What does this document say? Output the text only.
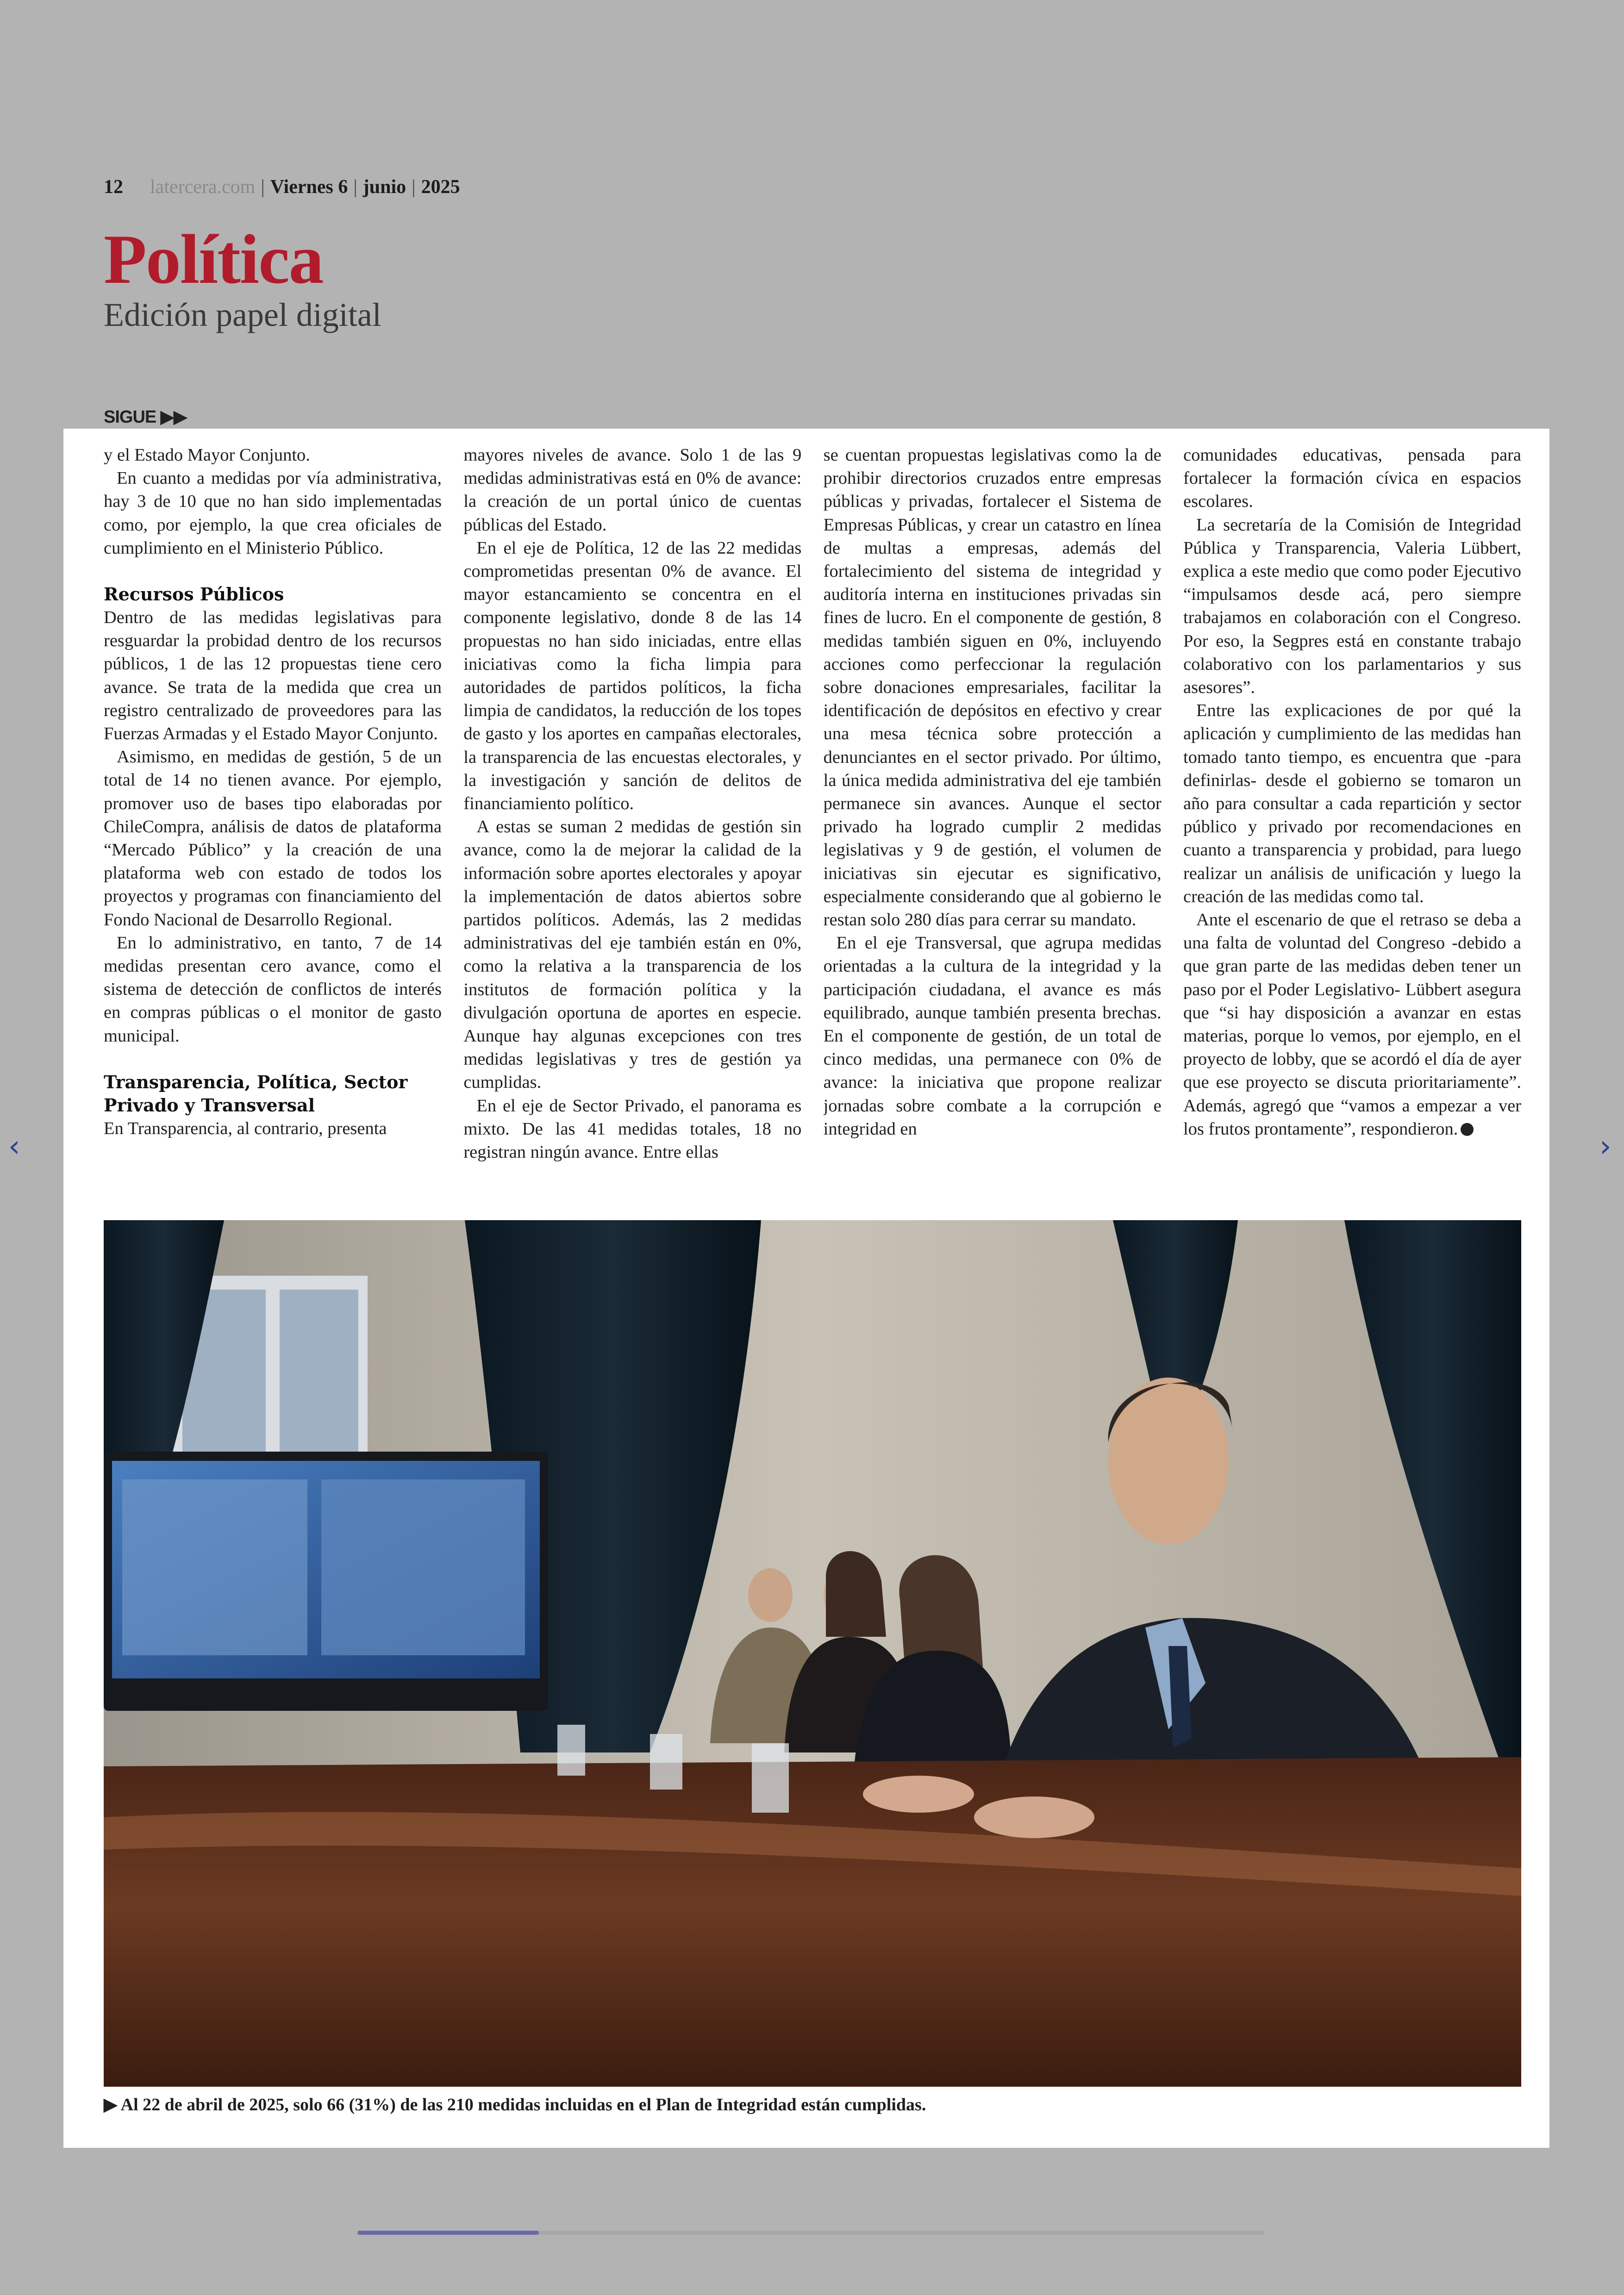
12 latercera.com | Viernes 6 | junio | 2025
Política
Edición papel digital
SIGUE ▶▶

y el Estado Mayor Conjunto.

En cuanto a medidas por vía administrativa, hay 3 de 10 que no han sido implementadas como, por ejemplo, la que crea oficiales de cumplimiento en el Ministerio Público.

Recursos Públicos

Dentro de las medidas legislativas para resguardar la probidad dentro de los recursos públicos, 1 de las 12 propuestas tiene cero avance. Se trata de la medida que crea un registro centralizado de proveedores para las Fuerzas Armadas y el Estado Mayor Conjunto.

Asimismo, en medidas de gestión, 5 de un total de 14 no tienen avance. Por ejemplo, promover uso de bases tipo elaboradas por ChileCompra, análisis de datos de plataforma “Mercado Público” y la creación de una plataforma web con estado de todos los proyectos y programas con financiamiento del Fondo Nacional de Desarrollo Regional.

En lo administrativo, en tanto, 7 de 14 medidas presentan cero avance, como el sistema de detección de conflictos de interés en compras públicas o el monitor de gasto municipal.

Transparencia, Política, Sector Privado y Transversal

En Transparencia, al contrario, presenta

mayores niveles de avance. Solo 1 de las 9 medidas administrativas está en 0% de avance: la creación de un portal único de cuentas públicas del Estado.

En el eje de Política, 12 de las 22 medidas comprometidas presentan 0% de avance. El mayor estancamiento se concentra en el componente legislativo, donde 8 de las 14 propuestas no han sido iniciadas, entre ellas iniciativas como la ficha limpia para autoridades de partidos políticos, la ficha limpia de candidatos, la reducción de los topes de gasto y los aportes en campañas electorales, la transparencia de las encuestas electorales, y la investigación y sanción de delitos de financiamiento político.

A estas se suman 2 medidas de gestión sin avance, como la de mejorar la calidad de la información sobre aportes electorales y apoyar la implementación de datos abiertos sobre partidos políticos. Además, las 2 medidas administrativas del eje también están en 0%, como la relativa a la transparencia de los institutos de formación política y la divulgación oportuna de aportes en especie. Aunque hay algunas excepciones con tres medidas legislativas y tres de gestión ya cumplidas.

En el eje de Sector Privado, el panorama es mixto. De las 41 medidas totales, 18 no registran ningún avance. Entre ellas

se cuentan propuestas legislativas como la de prohibir directorios cruzados entre empresas públicas y privadas, fortalecer el Sistema de Empresas Públicas, y crear un catastro en línea de multas a empresas, además del fortalecimiento del sistema de integridad y auditoría interna en instituciones privadas sin fines de lucro. En el componente de gestión, 8 medidas también siguen en 0%, incluyendo acciones como perfeccionar la regulación sobre donaciones empresariales, facilitar la identificación de depósitos en efectivo y crear una mesa técnica sobre protección a denunciantes en el sector privado. Por último, la única medida administrativa del eje también permanece sin avances. Aunque el sector privado ha logrado cumplir 2 medidas legislativas y 9 de gestión, el volumen de iniciativas sin ejecutar es significativo, especialmente considerando que al gobierno le restan solo 280 días para cerrar su mandato.

En el eje Transversal, que agrupa medidas orientadas a la cultura de la integridad y la participación ciudadana, el avance es más equilibrado, aunque también presenta brechas. En el componente de gestión, de un total de cinco medidas, una permanece con 0% de avance: la iniciativa que propone realizar jornadas sobre combate a la corrupción e integridad en

comunidades educativas, pensada para fortalecer la formación cívica en espacios escolares.

La secretaría de la Comisión de Integridad Pública y Transparencia, Valeria Lübbert, explica a este medio que como poder Ejecutivo “impulsamos desde acá, pero siempre trabajamos en colaboración con el Congreso. Por eso, la Segpres está en constante trabajo colaborativo con los parlamentarios y sus asesores”.

Entre las explicaciones de por qué la aplicación y cumplimiento de las medidas han tomado tanto tiempo, es encuentra que -para definirlas- desde el gobierno se tomaron un año para consultar a cada repartición y sector público y privado por recomendaciones en cuanto a transparencia y probidad, para luego realizar un análisis de unificación y luego la creación de las medidas como tal.

Ante el escenario de que el retraso se deba a una falta de voluntad del Congreso -debido a que gran parte de las medidas deben tener un paso por el Poder Legislativo- Lübbert asegura que “si hay disposición a avanzar en estas materias, porque lo vemos, por ejemplo, en el proyecto de lobby, que se acordó el día de ayer que ese proyecto se discuta prioritariamente”. Además, agregó que “vamos a empezar a ver los frutos prontamente”, respondieron.

▶ Al 22 de abril de 2025, solo 66 (31%) de las 210 medidas incluidas en el Plan de Integridad están cumplidas.
‹	›
